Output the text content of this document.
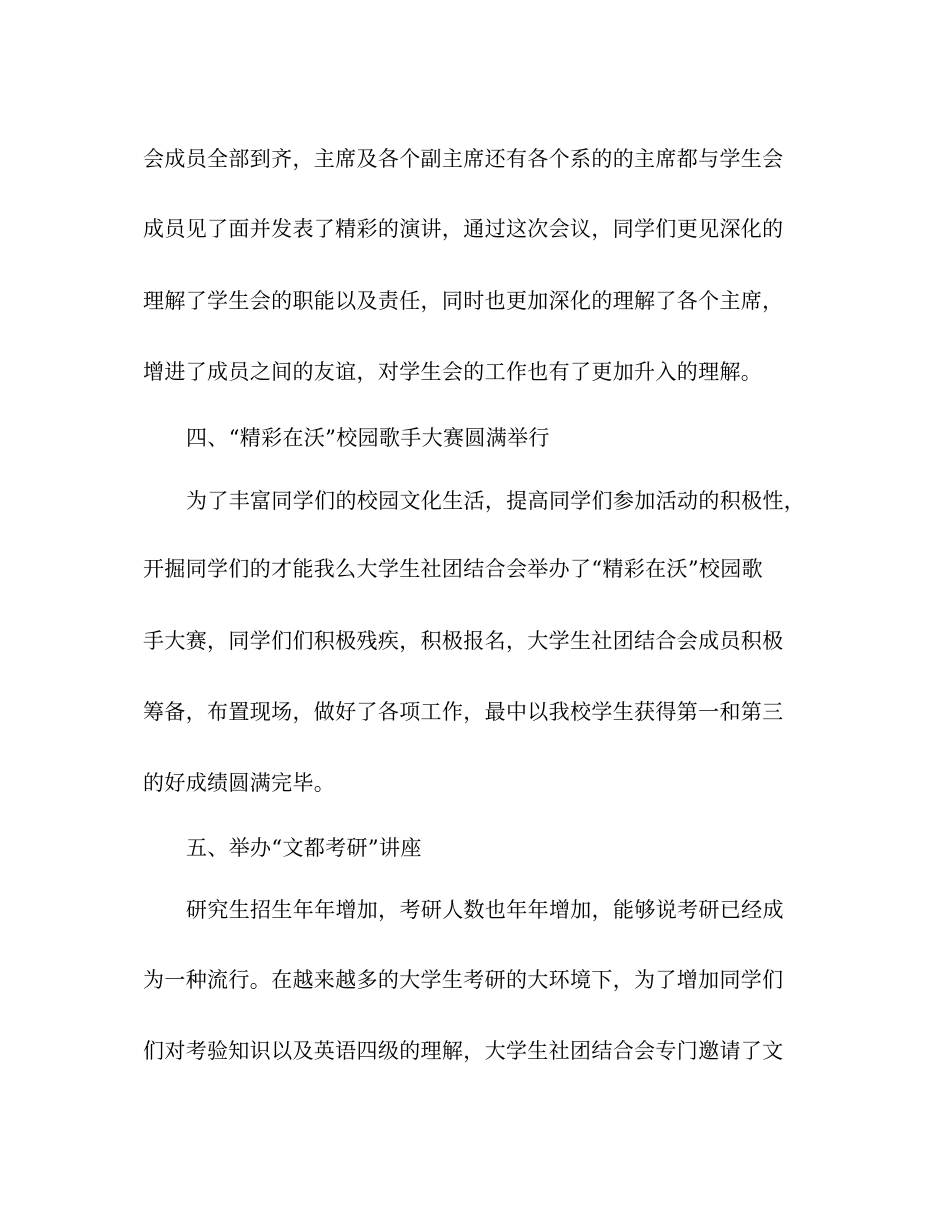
会成员全部到齐，主席及各个副主席还有各个系的的主席都与学生会
成员见了面并发表了精彩的演讲，通过这次会议，同学们更见深化的
理解了学生会的职能以及责任，同时也更加深化的理解了各个主席，
增进了成员之间的友谊，对学生会的工作也有了更加升入的理解。
四、“精彩在沃”校园歌手大赛圆满举行
为了丰富同学们的校园文化生活，提高同学们参加活动的积极性，
开掘同学们的才能我么大学生社团结合会举办了“精彩在沃”校园歌
手大赛，同学们们积极残疾，积极报名，大学生社团结合会成员积极
筹备，布置现场，做好了各项工作，最中以我校学生获得第一和第三
的好成绩圆满完毕。
五、举办“文都考研”讲座
研究生招生年年增加，考研人数也年年增加，能够说考研已经成
为一种流行。在越来越多的大学生考研的大环境下，为了增加同学们
们对考验知识以及英语四级的理解，大学生社团结合会专门邀请了文
